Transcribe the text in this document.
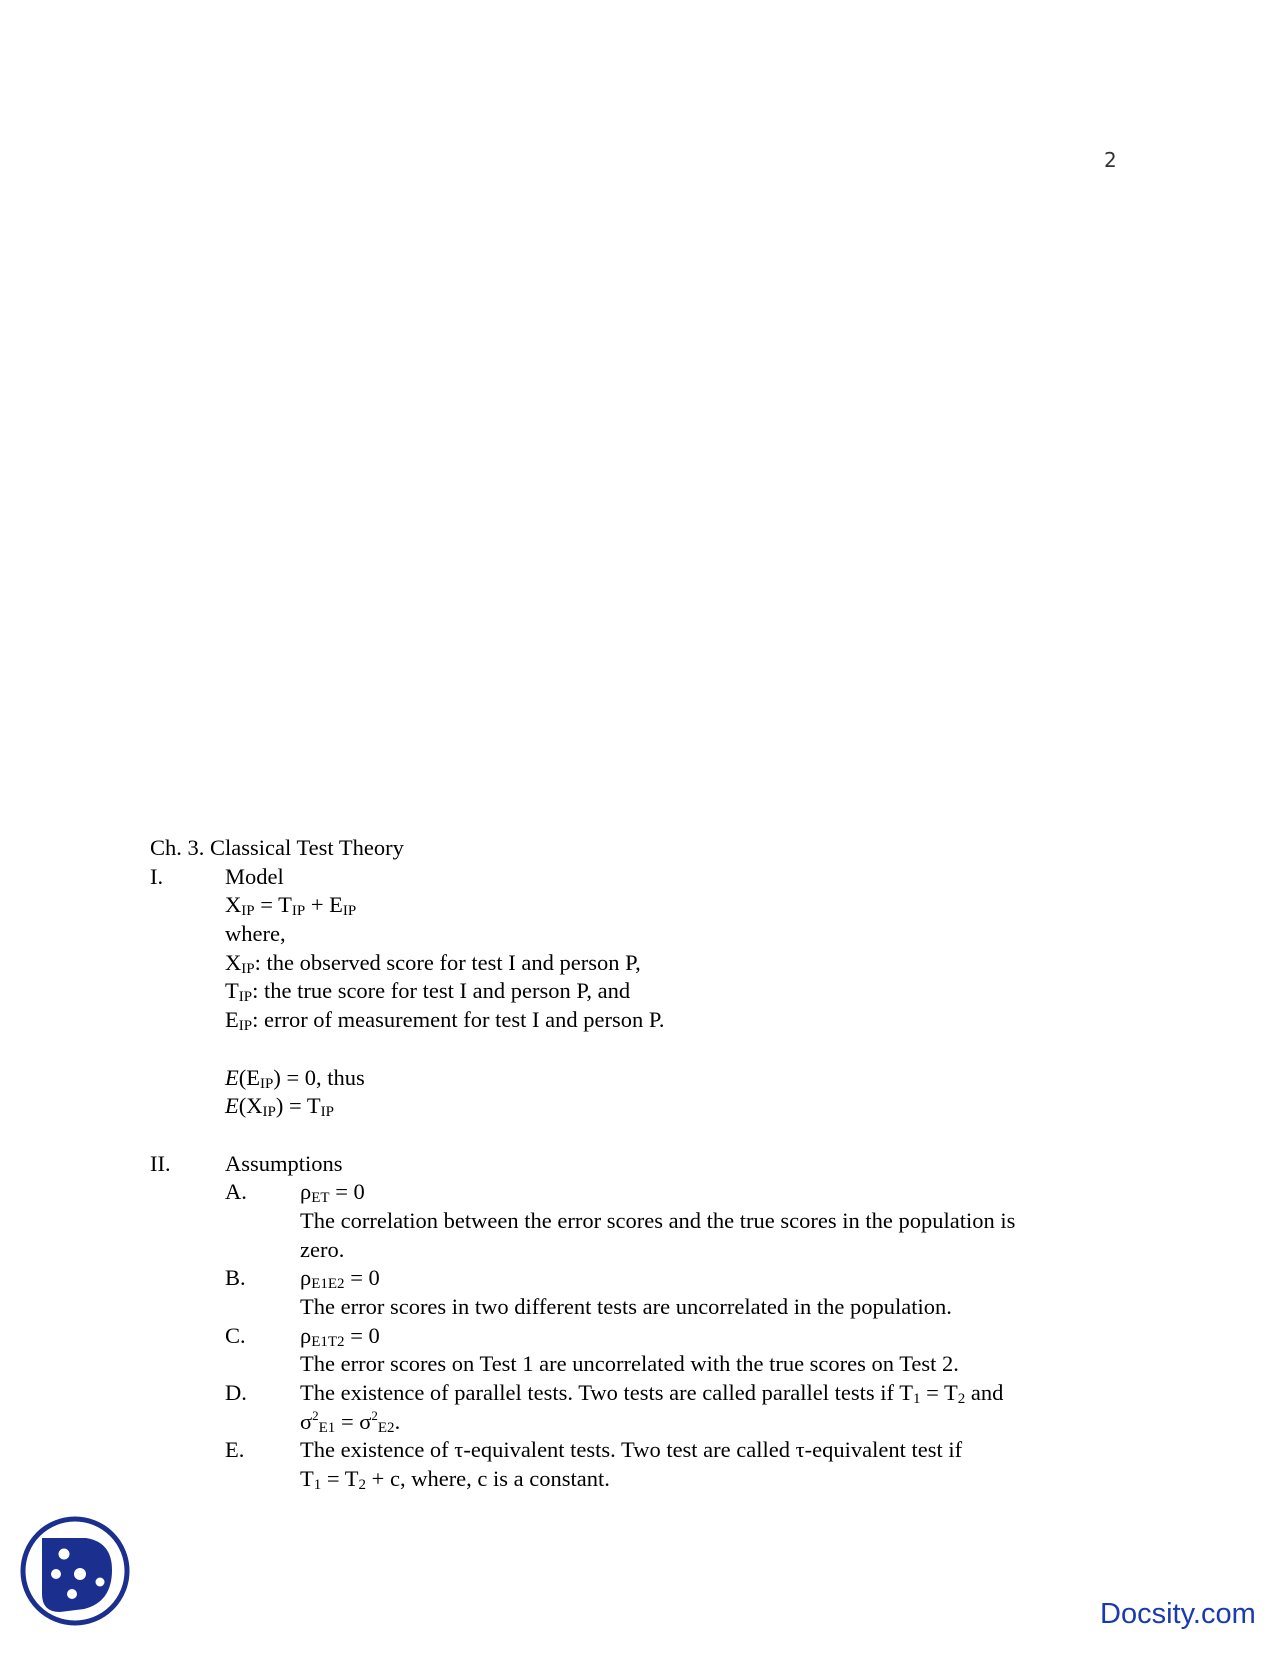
2
Ch. 3. Classical Test Theory
I.	Model
$X_{IP} = T_{IP} + E_{IP}$
where,
$X_{IP}$: the observed score for test I and person P,
$T_{IP}$: the true score for test I and person P, and
$E_{IP}$: error of measurement for test I and person P.
$E(E_{IP}) = 0$, thus
$E(X_{IP}) = T_{IP}$
II. Assumptions
A. $\rho_{ET} = 0$
The correlation between the error scores and the true scores in the population is
zero.
B. $\rho_{E1E2} = 0$
The error scores in two different tests are uncorrelated in the population.
C. $\rho_{E1T2} = 0$
The error scores on Test 1 are uncorrelated with the true scores on Test 2.
D. The existence of parallel tests. Two tests are called parallel tests if $T_1 = T_2$ and
$\sigma^2_{E1} = \sigma^2_{E2}$.
E. The existence of τ-equivalent tests. Two test are called τ-equivalent test if
$T_1 = T_2 + c$, where, c is a constant.
Docsity.com
